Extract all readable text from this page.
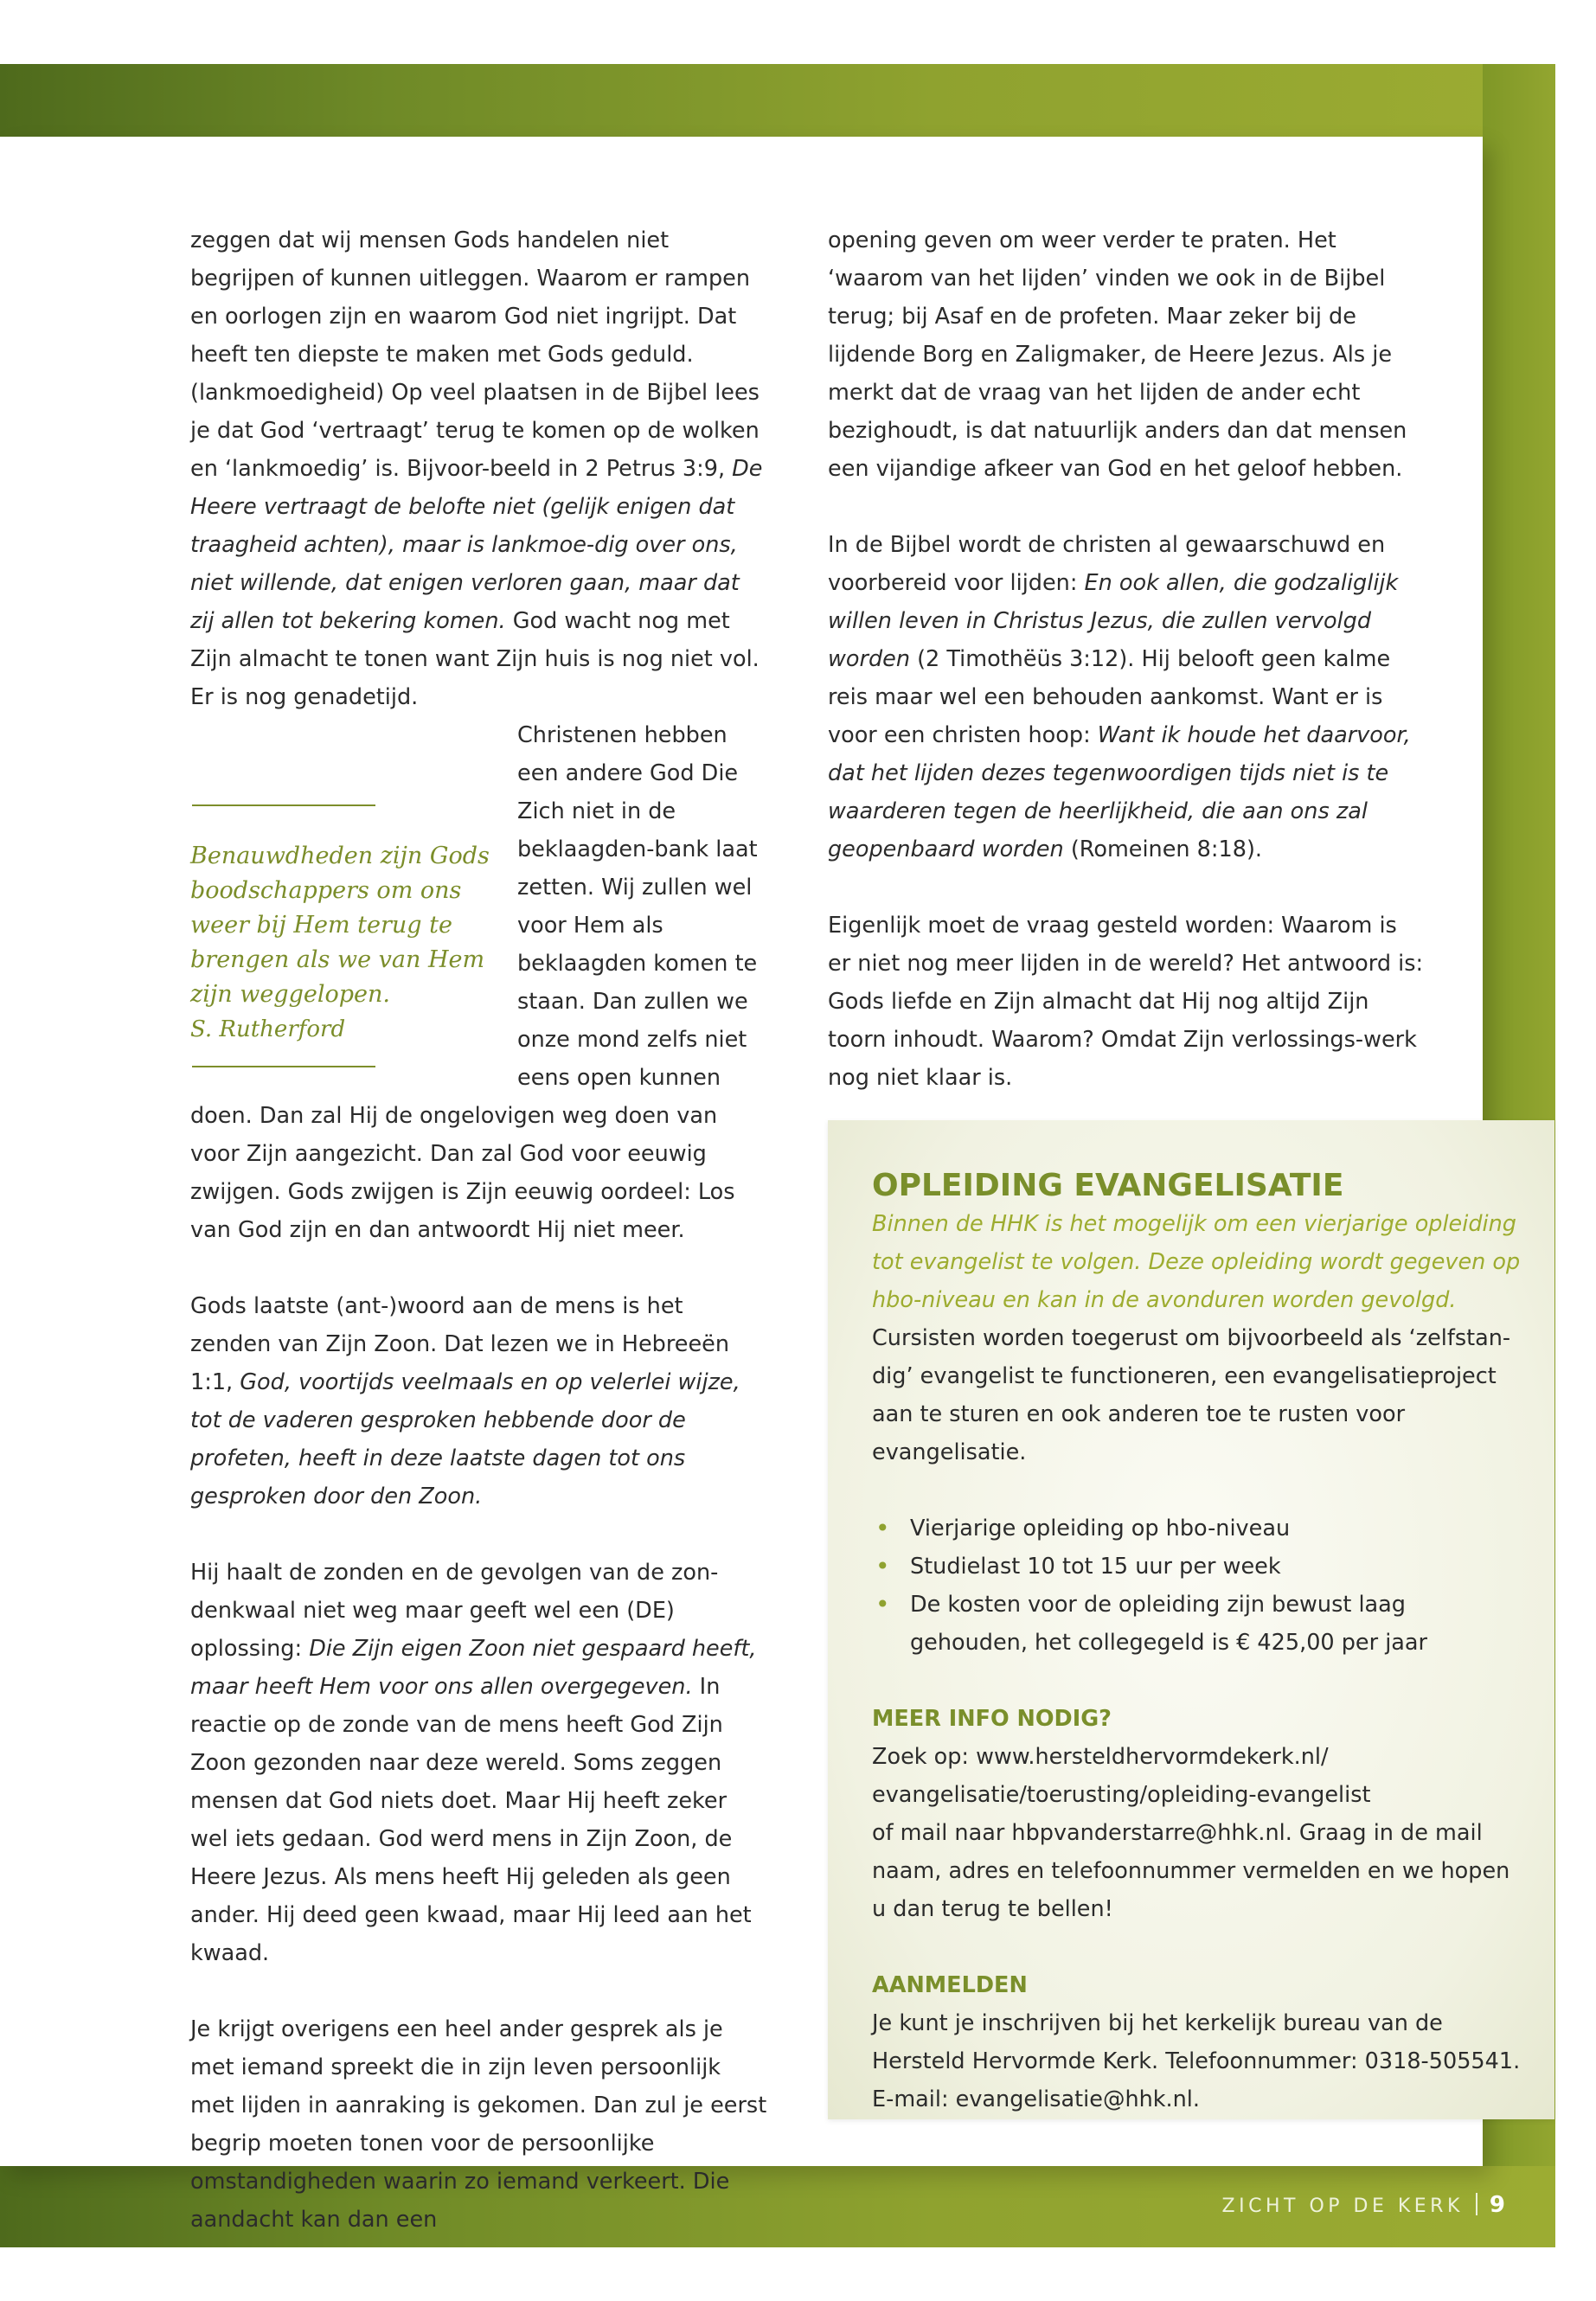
zeggen dat wij mensen Gods handelen niet begrijpen of kunnen uitleggen. Waarom er rampen en oorlogen zijn en waarom God niet ingrijpt. Dat heeft ten diepste te maken met Gods geduld. (lankmoedigheid) Op veel plaatsen in de Bijbel lees je dat God ‘vertraagt’ terug te komen op de wolken en ‘lankmoedig’ is. Bijvoor-beeld in 2 Petrus 3:9, De Heere vertraagt de belofte niet (gelijk enigen dat traagheid achten), maar is lankmoe-dig over ons, niet willende, dat enigen verloren gaan, maar dat zij allen tot bekering komen. God wacht nog met Zijn almacht te tonen want Zijn huis is nog niet vol. Er is nog genadetijd.

Benauwdheden zijn Gods boodschappers om ons weer bij Hem terug te brengen als we van Hem zijn weggelopen.
S. Rutherford

Christenen hebben een andere God Die Zich niet in de beklaagden-bank laat zetten. Wij zullen wel voor Hem als beklaagden komen te staan. Dan zullen we onze mond zelfs niet eens open kunnen doen. Dan zal Hij de ongelovigen weg doen van voor Zijn aangezicht. Dan zal God voor eeuwig zwijgen. Gods zwijgen is Zijn eeuwig oordeel: Los van God zijn en dan antwoordt Hij niet meer.

Gods laatste (ant-)woord aan de mens is het zenden van Zijn Zoon. Dat lezen we in Hebreeën 1:1, God, voortijds veelmaals en op velerlei wijze, tot de vaderen gesproken hebbende door de profeten, heeft in deze laatste dagen tot ons gesproken door den Zoon.

Hij haalt de zonden en de gevolgen van de zon-denkwaal niet weg maar geeft wel een (DE) oplossing: Die Zijn eigen Zoon niet gespaard heeft, maar heeft Hem voor ons allen overgegeven. In reactie op de zonde van de mens heeft God Zijn Zoon gezonden naar deze wereld. Soms zeggen mensen dat God niets doet. Maar Hij heeft zeker wel iets gedaan. God werd mens in Zijn Zoon, de Heere Jezus. Als mens heeft Hij geleden als geen ander. Hij deed geen kwaad, maar Hij leed aan het kwaad.

Je krijgt overigens een heel ander gesprek als je met iemand spreekt die in zijn leven persoonlijk met lijden in aanraking is gekomen. Dan zul je eerst begrip moeten tonen voor de persoonlijke omstandigheden waarin zo iemand verkeert. Die aandacht kan dan een

opening geven om weer verder te praten. Het ‘waarom van het lijden’ vinden we ook in de Bijbel terug; bij Asaf en de profeten. Maar zeker bij de lijdende Borg en Zaligmaker, de Heere Jezus. Als je merkt dat de vraag van het lijden de ander echt bezighoudt, is dat natuurlijk anders dan dat mensen een vijandige afkeer van God en het geloof hebben.

In de Bijbel wordt de christen al gewaarschuwd en voorbereid voor lijden: En ook allen, die godzaliglijk willen leven in Christus Jezus, die zullen vervolgd worden (2 Timothëüs 3:12). Hij belooft geen kalme reis maar wel een behouden aankomst. Want er is voor een christen hoop: Want ik houde het daarvoor, dat het lijden dezes tegenwoordigen tijds niet is te waarderen tegen de heerlijkheid, die aan ons zal geopenbaard worden (Romeinen 8:18).

Eigenlijk moet de vraag gesteld worden: Waarom is er niet nog meer lijden in de wereld? Het antwoord is: Gods liefde en Zijn almacht dat Hij nog altijd Zijn toorn inhoudt. Waarom? Omdat Zijn verlossings-werk nog niet klaar is.

OPLEIDING EVANGELISATIE

Binnen de HHK is het mogelijk om een vierjarige opleiding tot evangelist te volgen. Deze opleiding wordt gegeven op hbo-niveau en kan in de avonduren worden gevolgd.

Cursisten worden toegerust om bijvoorbeeld als ‘zelfstan-dig’ evangelist te functioneren, een evangelisatieproject aan te sturen en ook anderen toe te rusten voor evangelisatie.

• Vierjarige opleiding op hbo-niveau
• Studielast 10 tot 15 uur per week
• De kosten voor de opleiding zijn bewust laag gehouden, het collegegeld is € 425,00 per jaar

MEER INFO NODIG?

Zoek op: www.hersteldhervormdekerk.nl/

evangelisatie/toerusting/opleiding-evangelist

of mail naar hbpvanderstarre@hhk.nl. Graag in de mail naam, adres en telefoonnummer vermelden en we hopen u dan terug te bellen!

AANMELDEN

Je kunt je inschrijven bij het kerkelijk bureau van de Hersteld Hervormde Kerk. Telefoonnummer: 0318-505541. E-mail: evangelisatie@hhk.nl.

ZICHT OP DE KERK 9
